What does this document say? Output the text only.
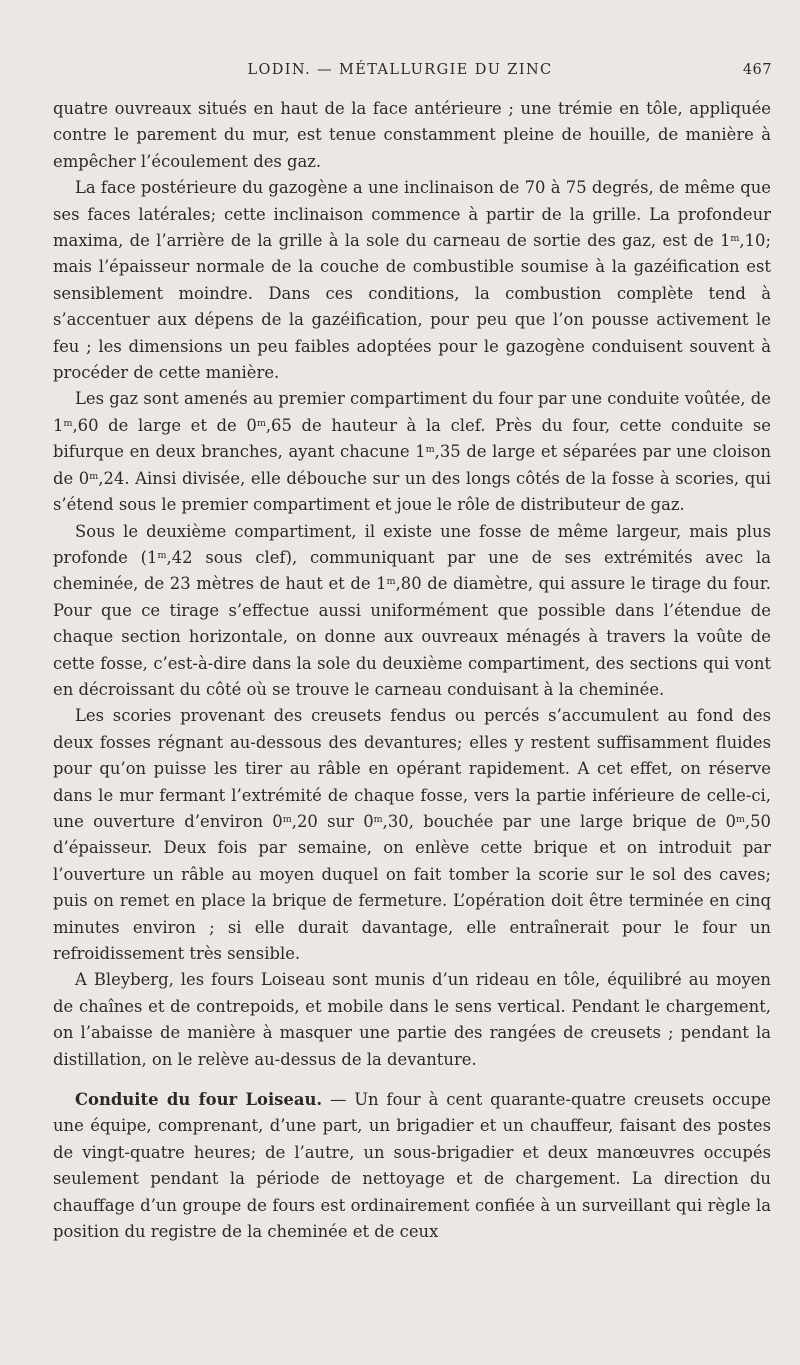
LODIN. — MÉTALLURGIE DU ZINC	467

quatre ouvreaux situés en haut de la face antérieure ; une trémie en tôle, appliquée contre le parement du mur, est tenue constamment pleine de houille, de manière à empêcher l’écoulement des gaz.

La face postérieure du gazogène a une inclinaison de 70 à 75 degrés, de même que ses faces latérales; cette inclinaison commence à partir de la grille. La profondeur maxima, de l’arrière de la grille à la sole du carneau de sortie des gaz, est de 1$^m$,10; mais l’épaisseur normale de la couche de combustible soumise à la gazéification est sensiblement moindre. Dans ces conditions, la combustion complète tend à s’accentuer aux dépens de la gazéification, pour peu que l’on pousse activement le feu ; les dimensions un peu faibles adoptées pour le gazogène conduisent souvent à procéder de cette manière.

Les gaz sont amenés au premier compartiment du four par une conduite voûtée, de 1$^m$,60 de large et de 0$^m$,65 de hauteur à la clef. Près du four, cette conduite se bifurque en deux branches, ayant chacune 1$^m$,35 de large et séparées par une cloison de 0$^m$,24. Ainsi divisée, elle débouche sur un des longs côtés de la fosse à scories, qui s’étend sous le premier compartiment et joue le rôle de distributeur de gaz.

Sous le deuxième compartiment, il existe une fosse de même largeur, mais plus profonde (1$^m$,42 sous clef), communiquant par une de ses extrémités avec la cheminée, de 23 mètres de haut et de 1$^m$,80 de diamètre, qui assure le tirage du four. Pour que ce tirage s’effectue aussi uniformément que possible dans l’étendue de chaque section horizontale, on donne aux ouvreaux ménagés à travers la voûte de cette fosse, c’est-à-dire dans la sole du deuxième compartiment, des sections qui vont en décroissant du côté où se trouve le carneau conduisant à la cheminée.

Les scories provenant des creusets fendus ou percés s’accumulent au fond des deux fosses régnant au-dessous des devantures; elles y restent suffisamment fluides pour qu’on puisse les tirer au râble en opérant rapidement. A cet effet, on réserve dans le mur fermant l’extrémité de chaque fosse, vers la partie inférieure de celle-ci, une ouverture d’environ 0$^m$,20 sur 0$^m$,30, bouchée par une large brique de 0$^m$,50 d’épaisseur. Deux fois par semaine, on enlève cette brique et on introduit par l’ouverture un râble au moyen duquel on fait tomber la scorie sur le sol des caves; puis on remet en place la brique de fermeture. L’opération doit être terminée en cinq minutes environ ; si elle durait davantage, elle entraînerait pour le four un refroidissement très sensible.

A Bleyberg, les fours Loiseau sont munis d’un rideau en tôle, équilibré au moyen de chaînes et de contrepoids, et mobile dans le sens vertical. Pendant le chargement, on l’abaisse de manière à masquer une partie des rangées de creusets ; pendant la distillation, on le relève au-dessus de la devanture.

Conduite du four Loiseau. — Un four à cent quarante-quatre creusets occupe une équipe, comprenant, d’une part, un brigadier et un chauffeur, faisant des postes de vingt-quatre heures; de l’autre, un sous-brigadier et deux manœuvres occupés seulement pendant la période de nettoyage et de chargement. La direction du chauffage d’un groupe de fours est ordinairement confiée à un surveillant qui règle la position du registre de la cheminée et de ceux
